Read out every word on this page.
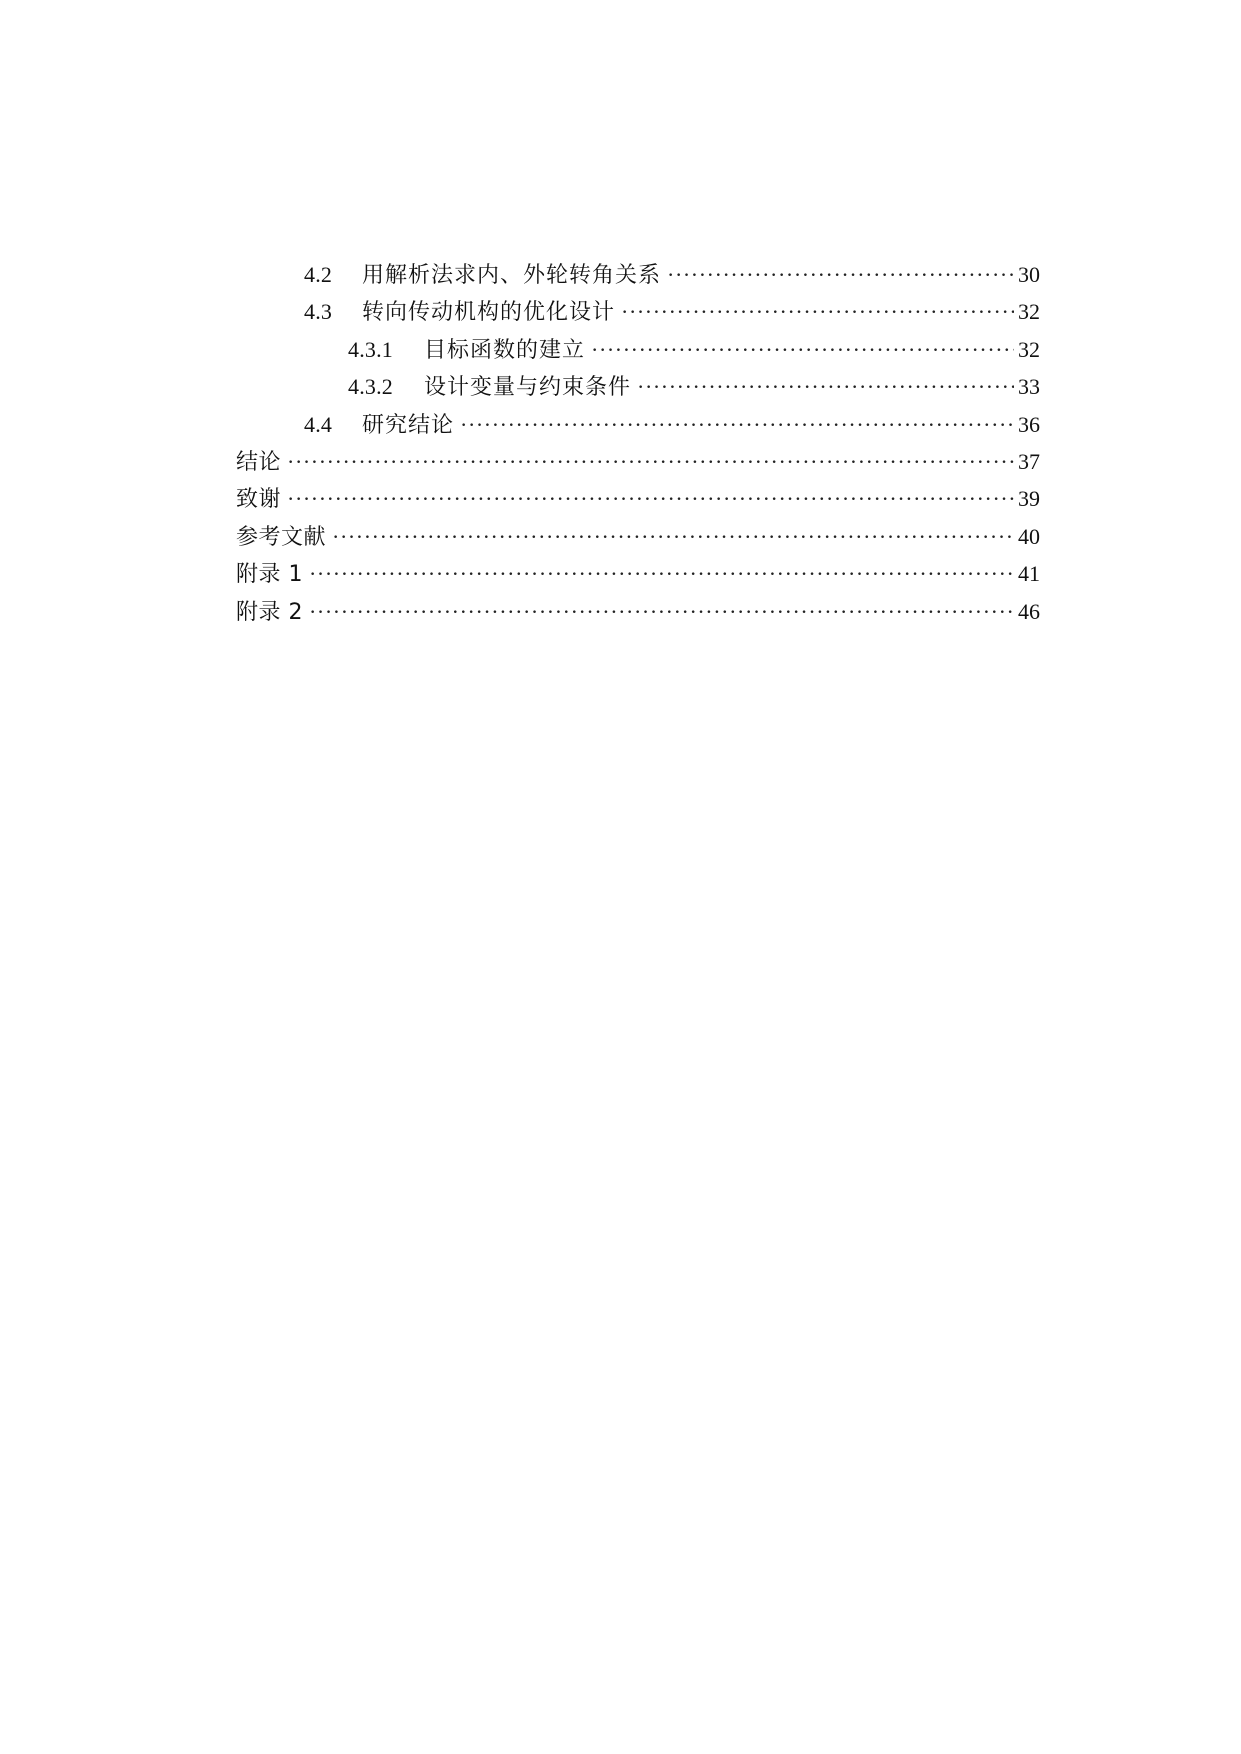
4.2	用解析法求内、外轮转角关系 ·····	30
4.3	转向传动机构的优化设计 ·····	32
4.3.1	目标函数的建立 ·····	32
4.3.2	设计变量与约束条件 ·····	33
4.4	研究结论 ·····	36
结论 ·····	37
致谢 ·····	39
参考文献 ·····	40
附录 1 ·····	41
附录 2 ·····	46
